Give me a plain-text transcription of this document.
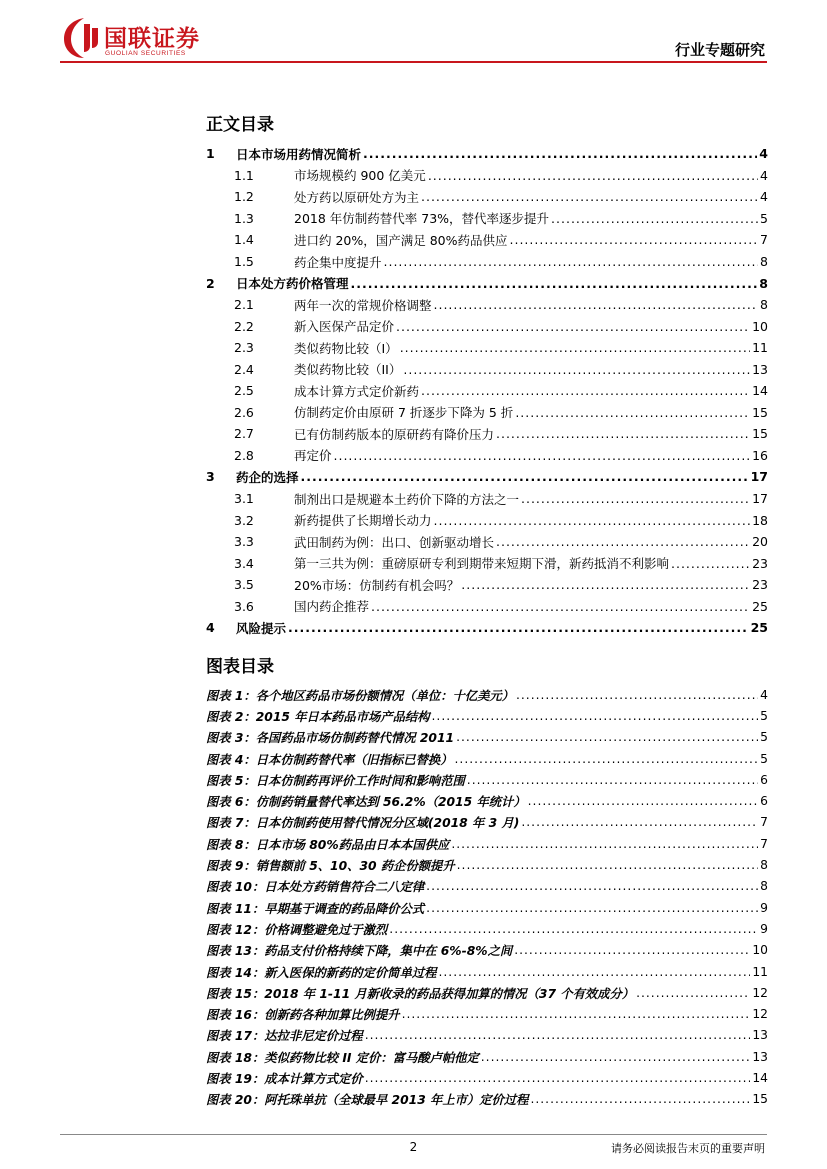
国联证券
GUOLIAN SECURITIES	行业专题研究
正文目录
1	日本市场用药情况简析 .....	4
1.1	市场规模约 900 亿美元 .....	4
1.2	处方药以原研处方为主 .....	4
1.3	2018 年仿制药替代率 73%，替代率逐步提升 .....	5
1.4	进口约 20%，国产满足 80%药品供应 .....	7
1.5	药企集中度提升 .....	8
2	日本处方药价格管理 .....	8
2.1	两年一次的常规价格调整 .....	8
2.2	新入医保产品定价 .....	10
2.3	类似药物比较（I） .....	11
2.4	类似药物比较（II） .....	13
2.5	成本计算方式定价新药 .....	14
2.6	仿制药定价由原研 7 折逐步下降为 5 折 .....	15
2.7	已有仿制药版本的原研药有降价压力 .....	15
2.8	再定价 .....	16
3	药企的选择 .....	17
3.1	制剂出口是规避本土药价下降的方法之一 .....	17
3.2	新药提供了长期增长动力 .....	18
3.3	武田制药为例：出口、创新驱动增长 .....	20
3.4	第一三共为例：重磅原研专利到期带来短期下滑，新药抵消不利影响 .....	23
3.5	20%市场：仿制药有机会吗？ .....	23
3.6	国内药企推荐 .....	25
4	风险提示 .....	25
图表目录
图表 1： 各个地区药品市场份额情况（单位：十亿美元） .....	4
图表 2： 2015 年日本药品市场产品结构 .....	5
图表 3： 各国药品市场仿制药替代情况 2011 .....	5
图表 4： 日本仿制药替代率（旧指标已替换） .....	5
图表 5： 日本仿制药再评价工作时间和影响范围 .....	6
图表 6： 仿制药销量替代率达到 56.2%（2015 年统计） .....	6
图表 7： 日本仿制药使用替代情况分区域(2018 年 3 月) .....	7
图表 8： 日本市场 80%药品由日本本国供应 .....	7
图表 9： 销售额前 5、10、30 药企份额提升 .....	8
图表 10： 日本处方药销售符合二八定律 .....	8
图表 11： 早期基于调查的药品降价公式 .....	9
图表 12： 价格调整避免过于激烈 .....	9
图表 13： 药品支付价格持续下降，集中在 6%-8%之间 .....	10
图表 14： 新入医保的新药的定价简单过程 .....	11
图表 15： 2018 年 1-11 月新收录的药品获得加算的情况（37 个有效成分） .....	12
图表 16： 创新药各种加算比例提升 .....	12
图表 17： 达拉非尼定价过程 .....	13
图表 18： 类似药物比较 II 定价：富马酸卢帕他定 .....	13
图表 19： 成本计算方式定价 .....	14
图表 20： 阿托珠单抗（全球最早 2013 年上市）定价过程 .....	15
2	请务必阅读报告末页的重要声明
